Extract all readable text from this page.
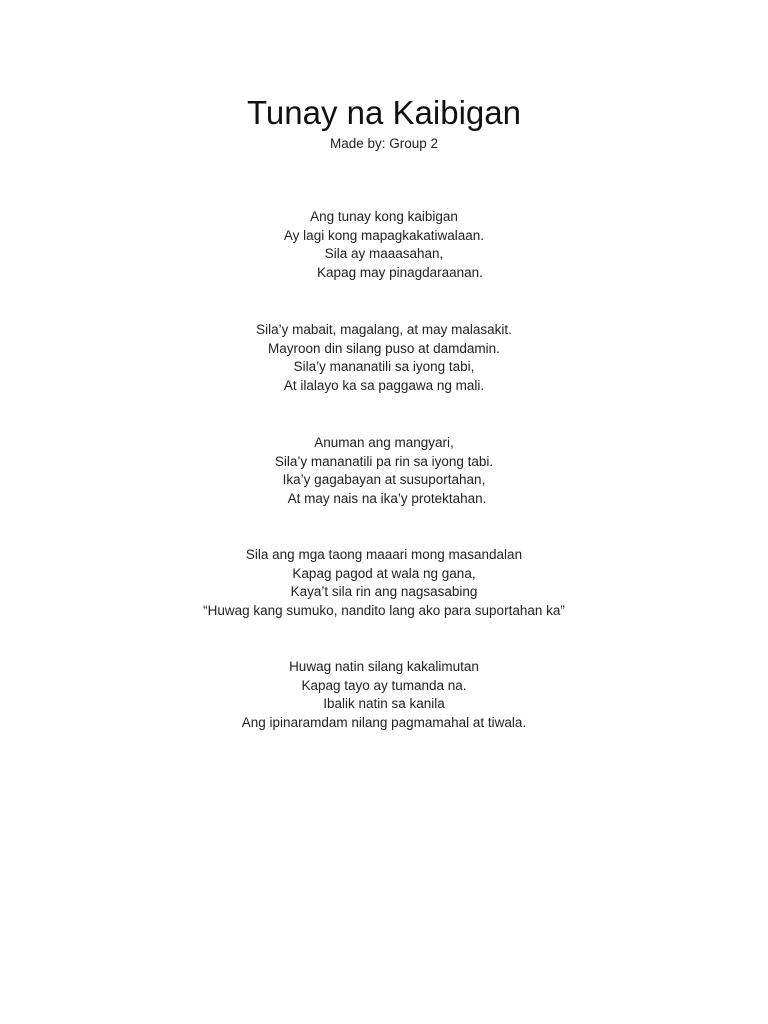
Tunay na Kaibigan

Made by: Group 2

Ang tunay kong kaibigan
Ay lagi kong mapagkakatiwalaan.
Sila ay maaasahan,
Kapag may pinagdaraanan.
Sila’y mabait, magalang, at may malasakit.
Mayroon din silang puso at damdamin.
Sila’y mananatili sa iyong tabi,
At ilalayo ka sa paggawa ng mali.
Anuman ang mangyari,
Sila’y mananatili pa rin sa iyong tabi.
Ika’y gagabayan at susuportahan,
At may nais na ika’y protektahan.
Sila ang mga taong maaari mong masandalan
Kapag pagod at wala ng gana,
Kaya’t sila rin ang nagsasabing
“Huwag kang sumuko, nandito lang ako para suportahan ka”
Huwag natin silang kakalimutan
Kapag tayo ay tumanda na.
Ibalik natin sa kanila
Ang ipinaramdam nilang pagmamahal at tiwala.
